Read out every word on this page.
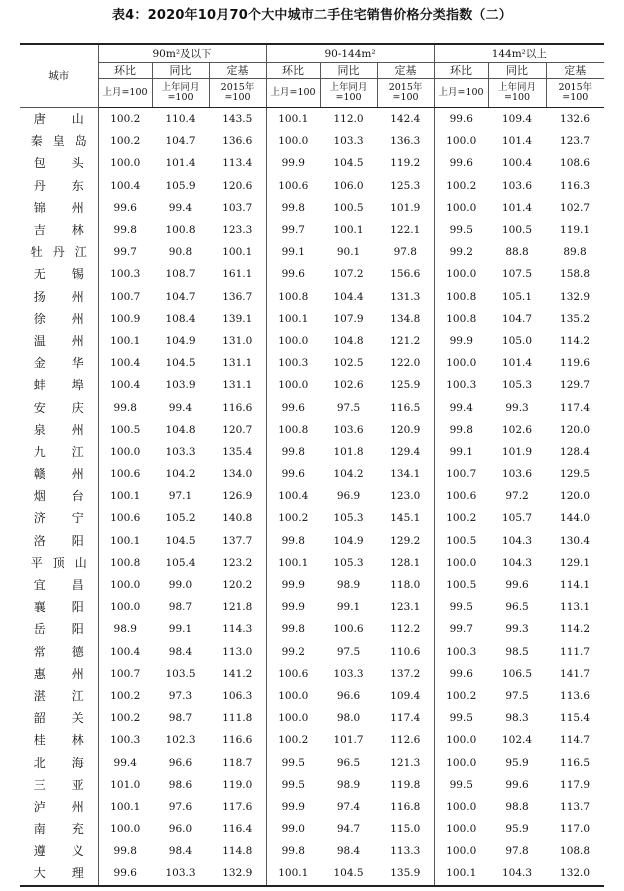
表4：2020年10月70个大中城市二手住宅销售价格分类指数（二）
城市	90m²及以下			90-144m²			144m²以上		
	环比	同比	定基	环比	同比	定基	环比	同比	定基
	上月=100	上年同月=100	2015年=100	上月=100	上年同月=100	2015年=100	上月=100	上年同月=100	2015年=100

唐 山	100.2	110.4	143.5	100.1	112.0	142.4	99.6	109.4	132.6

秦 皇 岛	100.2	104.7	136.6	100.0	103.3	136.3	100.0	101.4	123.7

包 头	100.0	101.4	113.4	99.9	104.5	119.2	99.6	100.4	108.6

丹 东	100.4	105.9	120.6	100.6	106.0	125.3	100.2	103.6	116.3

锦 州	99.6	99.4	103.7	99.8	100.5	101.9	100.0	101.4	102.7

吉 林	99.8	100.8	123.3	99.7	100.1	122.1	99.5	100.5	119.1

牡 丹 江	99.7	90.8	100.1	99.1	90.1	97.8	99.2	88.8	89.8

无 锡	100.3	108.7	161.1	99.6	107.2	156.6	100.0	107.5	158.8

扬 州	100.7	104.7	136.7	100.8	104.4	131.3	100.8	105.1	132.9

徐 州	100.9	108.4	139.1	100.1	107.9	134.8	100.8	104.7	135.2

温 州	100.1	104.9	131.0	100.0	104.8	121.2	99.9	105.0	114.2

金 华	100.4	104.5	131.1	100.3	102.5	122.0	100.0	101.4	119.6

蚌 埠	100.4	103.9	131.1	100.0	102.6	125.9	100.3	105.3	129.7

安 庆	99.8	99.4	116.6	99.6	97.5	116.5	99.4	99.3	117.4

泉 州	100.5	104.8	120.7	100.8	103.6	120.9	99.8	102.6	120.0

九 江	100.0	103.3	135.4	99.8	101.8	129.4	99.1	101.9	128.4

赣 州	100.6	104.2	134.0	99.6	104.2	134.1	100.7	103.6	129.5

烟 台	100.1	97.1	126.9	100.4	96.9	123.0	100.6	97.2	120.0

济 宁	100.6	105.2	140.8	100.2	105.3	145.1	100.2	105.7	144.0

洛 阳	100.1	104.5	137.7	99.8	104.9	129.2	100.5	104.3	130.4

平 顶 山	100.8	105.4	123.2	100.1	105.3	128.1	100.0	104.3	129.1

宜 昌	100.0	99.0	120.2	99.9	98.9	118.0	100.5	99.6	114.1

襄 阳	100.0	98.7	121.8	99.9	99.1	123.1	99.5	96.5	113.1

岳 阳	98.9	99.1	114.3	99.8	100.6	112.2	99.7	99.3	114.2

常 德	100.4	98.4	113.0	99.2	97.5	110.6	100.3	98.5	111.7

惠 州	100.7	103.5	141.2	100.6	103.3	137.2	99.6	106.5	141.7

湛 江	100.2	97.3	106.3	100.0	96.6	109.4	100.2	97.5	113.6

韶 关	100.2	98.7	111.8	100.0	98.0	117.4	99.5	98.3	115.4

桂 林	100.3	102.3	116.6	100.2	101.7	112.6	100.0	102.4	114.7

北 海	99.4	96.6	118.7	99.5	96.5	121.3	100.0	95.9	116.5

三 亚	101.0	98.6	119.0	99.5	98.9	119.8	99.5	99.6	117.9

泸 州	100.1	97.6	117.6	99.9	97.4	116.8	100.0	98.8	113.7

南 充	100.0	96.0	116.4	99.0	94.7	115.0	100.0	95.9	117.0

遵 义	99.8	98.4	114.8	99.8	98.4	113.3	100.0	97.8	108.8

大 理	99.6	103.3	132.9	100.1	104.5	135.9	100.1	104.3	132.0
